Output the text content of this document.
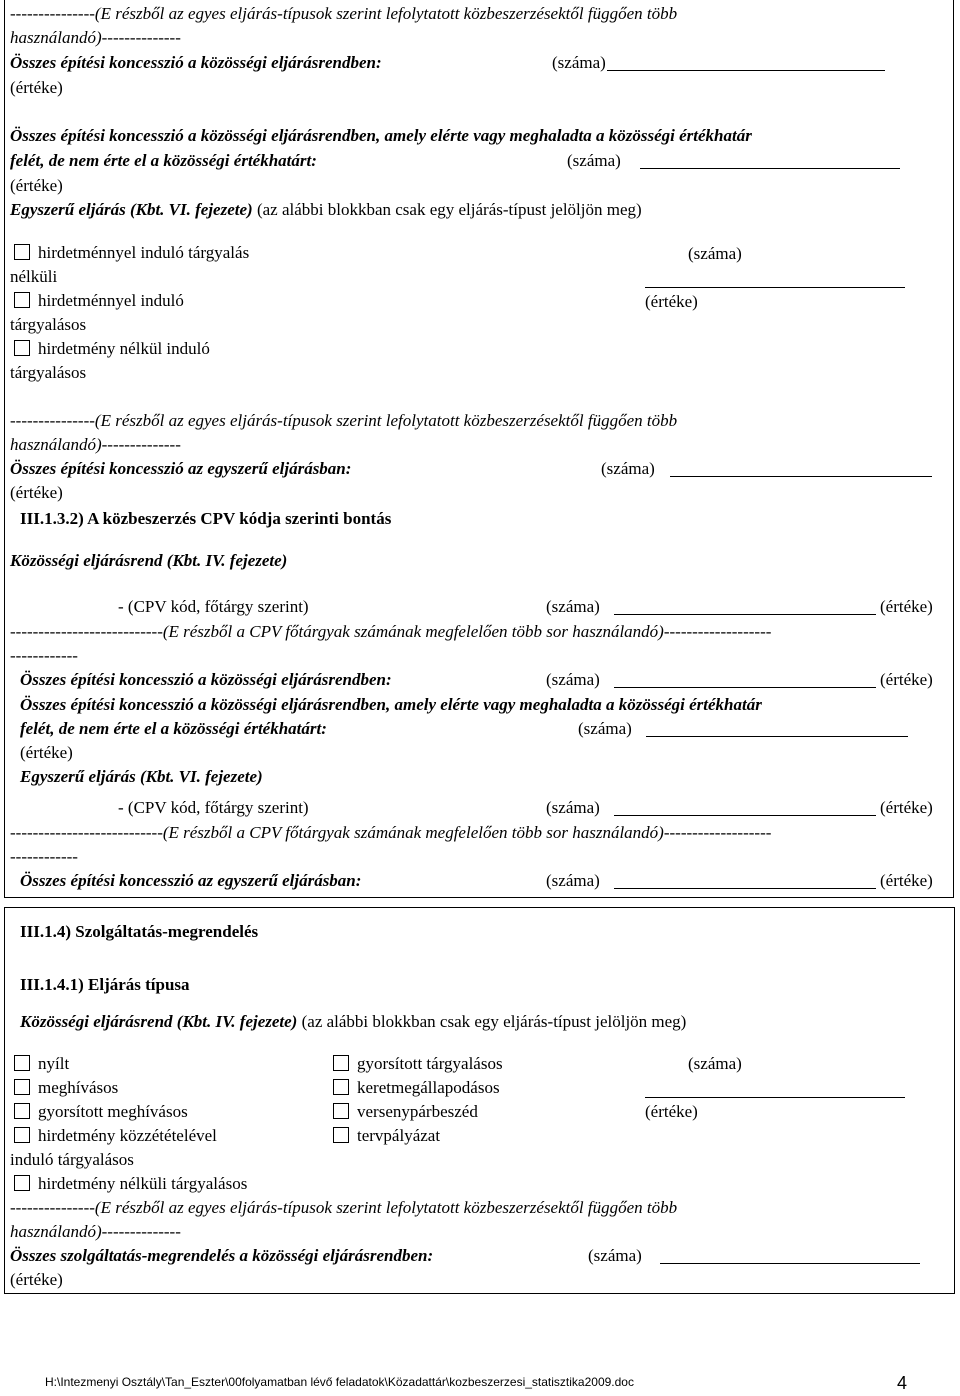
---------------(E részből az egyes eljárás-típusok szerint lefolytatott közbeszerzésektől függően több
használandó)--------------
Összes építési koncesszió a közösségi eljárásrendben:	(száma)
(értéke)
Összes építési koncesszió a közösségi eljárásrendben, amely elérte vagy meghaladta a közösségi értékhatár
felét, de nem érte el a közösségi értékhatárt:	(száma)
(értéke)
Egyszerű eljárás (Kbt. VI. fejezete) (az alábbi blokkban csak egy eljárás-típust jelöljön meg)
hirdetménnyel induló tárgyalás
nélküli
hirdetménnyel induló
tárgyalásos
hirdetmény nélkül induló
tárgyalásos
(száma)
(értéke)
---------------(E részből az egyes eljárás-típusok szerint lefolytatott közbeszerzésektől függően több
használandó)--------------
Összes építési koncesszió az egyszerű eljárásban:	(száma)
(értéke)
III.1.3.2) A közbeszerzés CPV kódja szerinti bontás
Közösségi eljárásrend (Kbt. IV. fejezete)
- (CPV kód, főtárgy szerint)	(száma)	(értéke)
---------------------------(E részből a CPV főtárgyak számának megfelelően több sor használandó)-------------------
------------
Összes építési koncesszió a közösségi eljárásrendben:	(száma)	(értéke)
Összes építési koncesszió a közösségi eljárásrendben, amely elérte vagy meghaladta a közösségi értékhatár
felét, de nem érte el a közösségi értékhatárt:	(száma)
(értéke)
Egyszerű eljárás (Kbt. VI. fejezete)
- (CPV kód, főtárgy szerint)	(száma)	(értéke)
---------------------------(E részből a CPV főtárgyak számának megfelelően több sor használandó)-------------------
------------
Összes építési koncesszió az egyszerű eljárásban:	(száma)	(értéke)
III.1.4) Szolgáltatás-megrendelés
III.1.4.1) Eljárás típusa
Közösségi eljárásrend (Kbt. IV. fejezete) (az alábbi blokkban csak egy eljárás-típust jelöljön meg)
nyílt
meghívásos
gyorsított meghívásos
hirdetmény közzétételével
induló tárgyalásos
hirdetmény nélküli tárgyalásos
gyorsított tárgyalásos
keretmegállapodásos
versenypárbeszéd
tervpályázat
(száma)
(értéke)
---------------(E részből az egyes eljárás-típusok szerint lefolytatott közbeszerzésektől függően több
használandó)--------------
Összes szolgáltatás-megrendelés a közösségi eljárásrendben:	(száma)
(értéke)
H:\Intezmenyi Osztály\Tan_Eszter\00folyamatban lévő feladatok\Közadattár\kozbeszerzesi_statisztika2009.doc	4
